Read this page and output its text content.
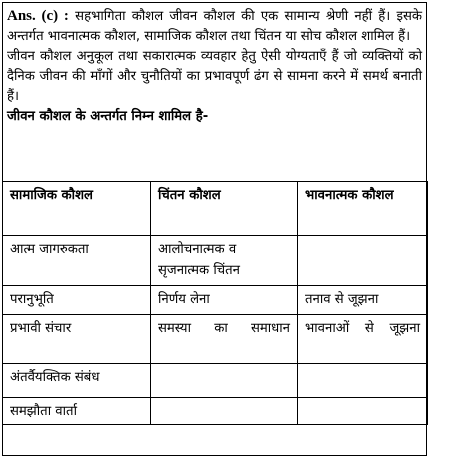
Ans. (c) : सहभागिता कौशल जीवन कौशल की एक सामान्य श्रेणी नहीं हैं। इसके अन्तर्गत भावनात्मक कौशल, सामाजिक कौशल तथा चिंतन या सोच कौशल शामिल हैं।

जीवन कौशल अनुकूल तथा सकारात्मक व्यवहार हेतु ऐसी योग्यताएँ हैं जो व्यक्तियों को दैनिक जीवन की माँगों और चुनौतियों का प्रभावपूर्ण ढंग से सामना करने में समर्थ बनाती हैं।

जीवन कौशल के अन्तर्गत निम्न शामिल है-

सामाजिक कौशल	चिंतन कौशल	भावनात्मक कौशल
आत्म जागरुकता	आलोचनात्मक व सृजनात्मक चिंतन	
परानुभूति	निर्णय लेना	तनाव से जूझना
प्रभावी संचार	समस्या का समाधान	भावनाओं से जूझना
अंतर्वैयक्तिक संबंध		
समझौता वार्ता		
